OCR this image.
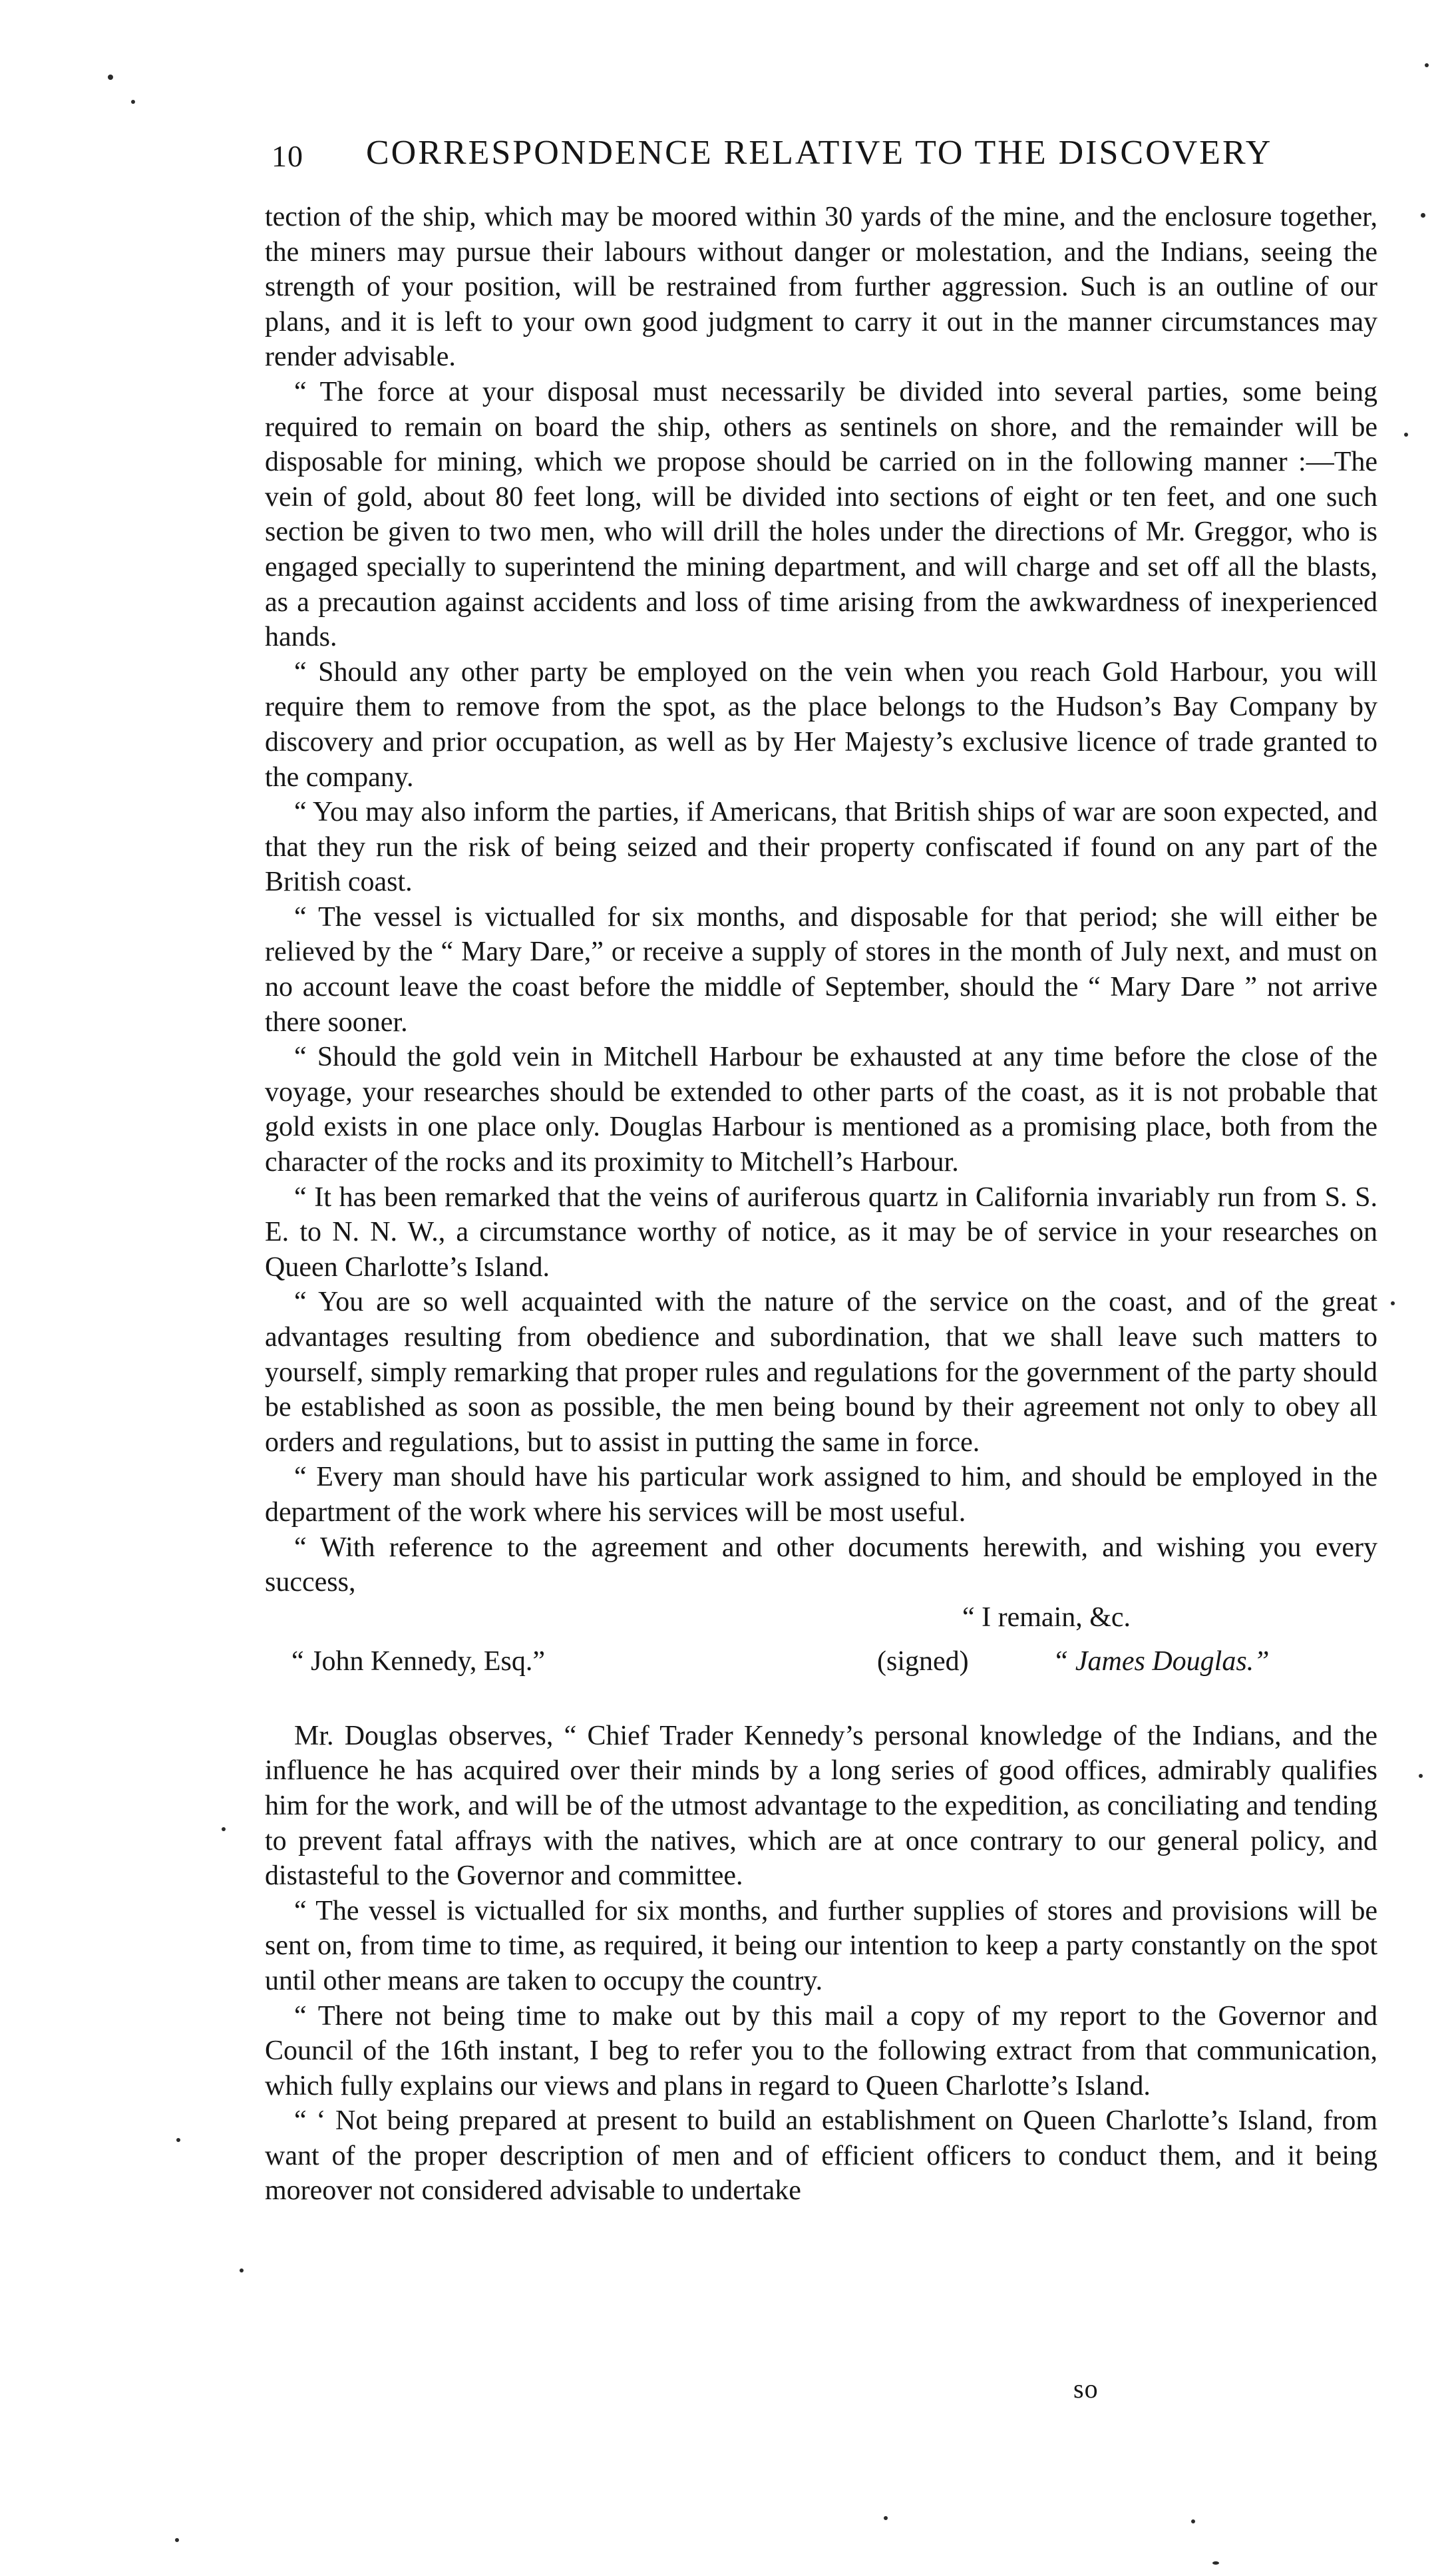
10 CORRESPONDENCE RELATIVE TO THE DISCOVERY

tection of the ship, which may be moored within 30 yards of the mine, and the enclosure together, the miners may pursue their labours without danger or molestation, and the Indians, seeing the strength of your position, will be restrained from further aggression. Such is an outline of our plans, and it is left to your own good judgment to carry it out in the manner circumstances may render advisable.

“ The force at your disposal must necessarily be divided into several parties, some being required to remain on board the ship, others as sentinels on shore, and the remainder will be disposable for mining, which we propose should be carried on in the following manner :—The vein of gold, about 80 feet long, will be divided into sections of eight or ten feet, and one such section be given to two men, who will drill the holes under the directions of Mr. Greggor, who is engaged specially to superintend the mining department, and will charge and set off all the blasts, as a precaution against accidents and loss of time arising from the awkwardness of inexperienced hands.

“ Should any other party be employed on the vein when you reach Gold Harbour, you will require them to remove from the spot, as the place belongs to the Hudson’s Bay Company by discovery and prior occupation, as well as by Her Majesty’s exclusive licence of trade granted to the company.

“ You may also inform the parties, if Americans, that British ships of war are soon expected, and that they run the risk of being seized and their property confiscated if found on any part of the British coast.

“ The vessel is victualled for six months, and disposable for that period; she will either be relieved by the “ Mary Dare,” or receive a supply of stores in the month of July next, and must on no account leave the coast before the middle of September, should the “ Mary Dare ” not arrive there sooner.

“ Should the gold vein in Mitchell Harbour be exhausted at any time before the close of the voyage, your researches should be extended to other parts of the coast, as it is not probable that gold exists in one place only. Douglas Harbour is mentioned as a promising place, both from the character of the rocks and its proximity to Mitchell’s Harbour.

“ It has been remarked that the veins of auriferous quartz in California invariably run from S. S. E. to N. N. W., a circumstance worthy of notice, as it may be of service in your researches on Queen Charlotte’s Island.

“ You are so well acquainted with the nature of the service on the coast, and of the great advantages resulting from obedience and subordination, that we shall leave such matters to yourself, simply remarking that proper rules and regulations for the government of the party should be established as soon as possible, the men being bound by their agreement not only to obey all orders and regulations, but to assist in putting the same in force.

“ Every man should have his particular work assigned to him, and should be employed in the department of the work where his services will be most useful.

“ With reference to the agreement and other documents herewith, and wishing you every success,

“ I remain, &c.
“ John Kennedy, Esq.”	(signed)	“ James Douglas.”

Mr. Douglas observes, “ Chief Trader Kennedy’s personal knowledge of the Indians, and the influence he has acquired over their minds by a long series of good offices, admirably qualifies him for the work, and will be of the utmost advantage to the expedition, as conciliating and tending to prevent fatal affrays with the natives, which are at once contrary to our general policy, and distasteful to the Governor and committee.

“ The vessel is victualled for six months, and further supplies of stores and provisions will be sent on, from time to time, as required, it being our intention to keep a party constantly on the spot until other means are taken to occupy the country.

“ There not being time to make out by this mail a copy of my report to the Governor and Council of the 16th instant, I beg to refer you to the following extract from that communication, which fully explains our views and plans in regard to Queen Charlotte’s Island.

“ ‘ Not being prepared at present to build an establishment on Queen Charlotte’s Island, from want of the proper description of men and of efficient officers to conduct them, and it being moreover not considered advisable to undertake

so
